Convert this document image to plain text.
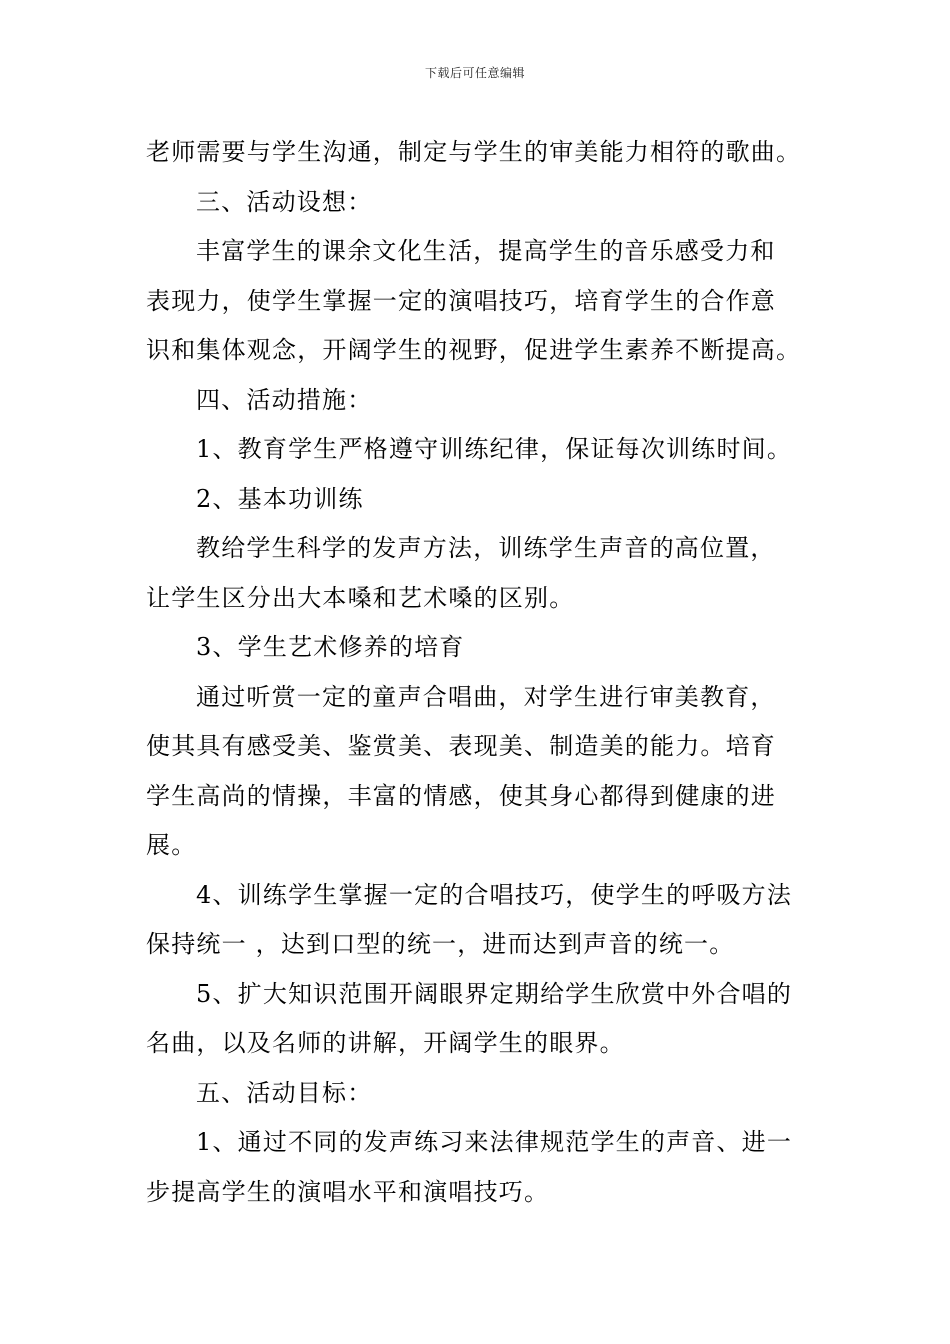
下载后可任意编辑
老师需要与学生沟通，制定与学生的审美能力相符的歌曲。
三、活动设想：
丰富学生的课余文化生活，提高学生的音乐感受力和
表现力，使学生掌握一定的演唱技巧，培育学生的合作意
识和集体观念，开阔学生的视野，促进学生素养不断提高。
四、活动措施：
1、教育学生严格遵守训练纪律，保证每次训练时间。
2、基本功训练
教给学生科学的发声方法，训练学生声音的高位置，
让学生区分出大本嗓和艺术嗓的区别。
3、学生艺术修养的培育
通过听赏一定的童声合唱曲，对学生进行审美教育，
使其具有感受美、鉴赏美、表现美、制造美的能力。培育
学生高尚的情操，丰富的情感，使其身心都得到健康的进
展。
4、训练学生掌握一定的合唱技巧，使学生的呼吸方法
保持统一 ，达到口型的统一，进而达到声音的统一。
5、扩大知识范围开阔眼界定期给学生欣赏中外合唱的
名曲，以及名师的讲解，开阔学生的眼界。
五、活动目标：
1、通过不同的发声练习来法律规范学生的声音、进一
步提高学生的演唱水平和演唱技巧。
